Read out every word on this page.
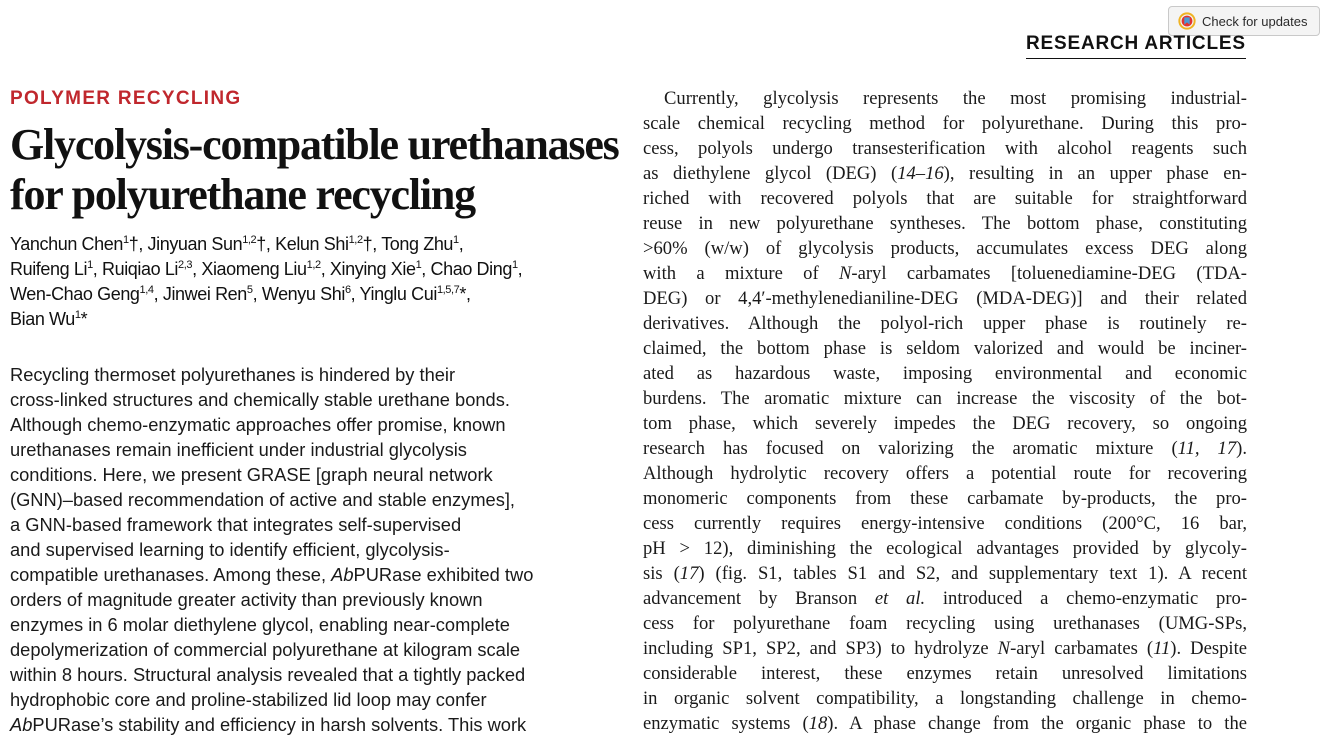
Check for updates
RESEARCH ARTICLES

POLYMER RECYCLING

Glycolysis-compatible urethanases
for polyurethane recycling
Yanchun Chen$^1$†, Jinyuan Sun$^{1,2}$†, Kelun Shi$^{1,2}$†, Tong Zhu$^1$,
Ruifeng Li$^1$, Ruiqiao Li$^{2,3}$, Xiaomeng Liu$^{1,2}$, Xinying Xie$^1$, Chao Ding$^1$,
Wen-Chao Geng$^{1,4}$, Jinwei Ren$^5$, Wenyu Shi$^6$, Yinglu Cui$^{1,5,7}$*,
Bian Wu$^1$*
Recycling thermoset polyurethanes is hindered by their
cross-linked structures and chemically stable urethane bonds.
Although chemo-enzymatic approaches offer promise, known
urethanases remain inefficient under industrial glycolysis
conditions. Here, we present GRASE [graph neural network
(GNN)–based recommendation of active and stable enzymes],
a GNN-based framework that integrates self-supervised
and supervised learning to identify efficient, glycolysis-
compatible urethanases. Among these, AbPURase exhibited two
orders of magnitude greater activity than previously known
enzymes in 6 molar diethylene glycol, enabling near-complete
depolymerization of commercial polyurethane at kilogram scale
within 8 hours. Structural analysis revealed that a tightly packed
hydrophobic core and proline-stabilized lid loop may confer
AbPURase’s stability and efficiency in harsh solvents. This work
Currently, glycolysis represents the most promising industrial-
scale chemical recycling method for polyurethane. During this pro-
cess, polyols undergo transesterification with alcohol reagents such
as diethylene glycol (DEG) (14–16), resulting in an upper phase en-
riched with recovered polyols that are suitable for straightforward
reuse in new polyurethane syntheses. The bottom phase, constituting
>60% (w/w) of glycolysis products, accumulates excess DEG along
with a mixture of N-aryl carbamates [toluenediamine-DEG (TDA-
DEG) or 4,4′-methylenedianiline-DEG (MDA-DEG)] and their related
derivatives. Although the polyol-rich upper phase is routinely re-
claimed, the bottom phase is seldom valorized and would be inciner-
ated as hazardous waste, imposing environmental and economic
burdens. The aromatic mixture can increase the viscosity of the bot-
tom phase, which severely impedes the DEG recovery, so ongoing
research has focused on valorizing the aromatic mixture (11, 17).
Although hydrolytic recovery offers a potential route for recovering
monomeric components from these carbamate by-products, the pro-
cess currently requires energy-intensive conditions (200°C, 16 bar,
pH > 12), diminishing the ecological advantages provided by glycoly-
sis (17) (fig. S1, tables S1 and S2, and supplementary text 1). A recent
advancement by Branson et al. introduced a chemo-enzymatic pro-
cess for polyurethane foam recycling using urethanases (UMG-SPs,
including SP1, SP2, and SP3) to hydrolyze N-aryl carbamates (11). Despite
considerable interest, these enzymes retain unresolved limitations
in organic solvent compatibility, a longstanding challenge in chemo-
enzymatic systems (18). A phase change from the organic phase to the
